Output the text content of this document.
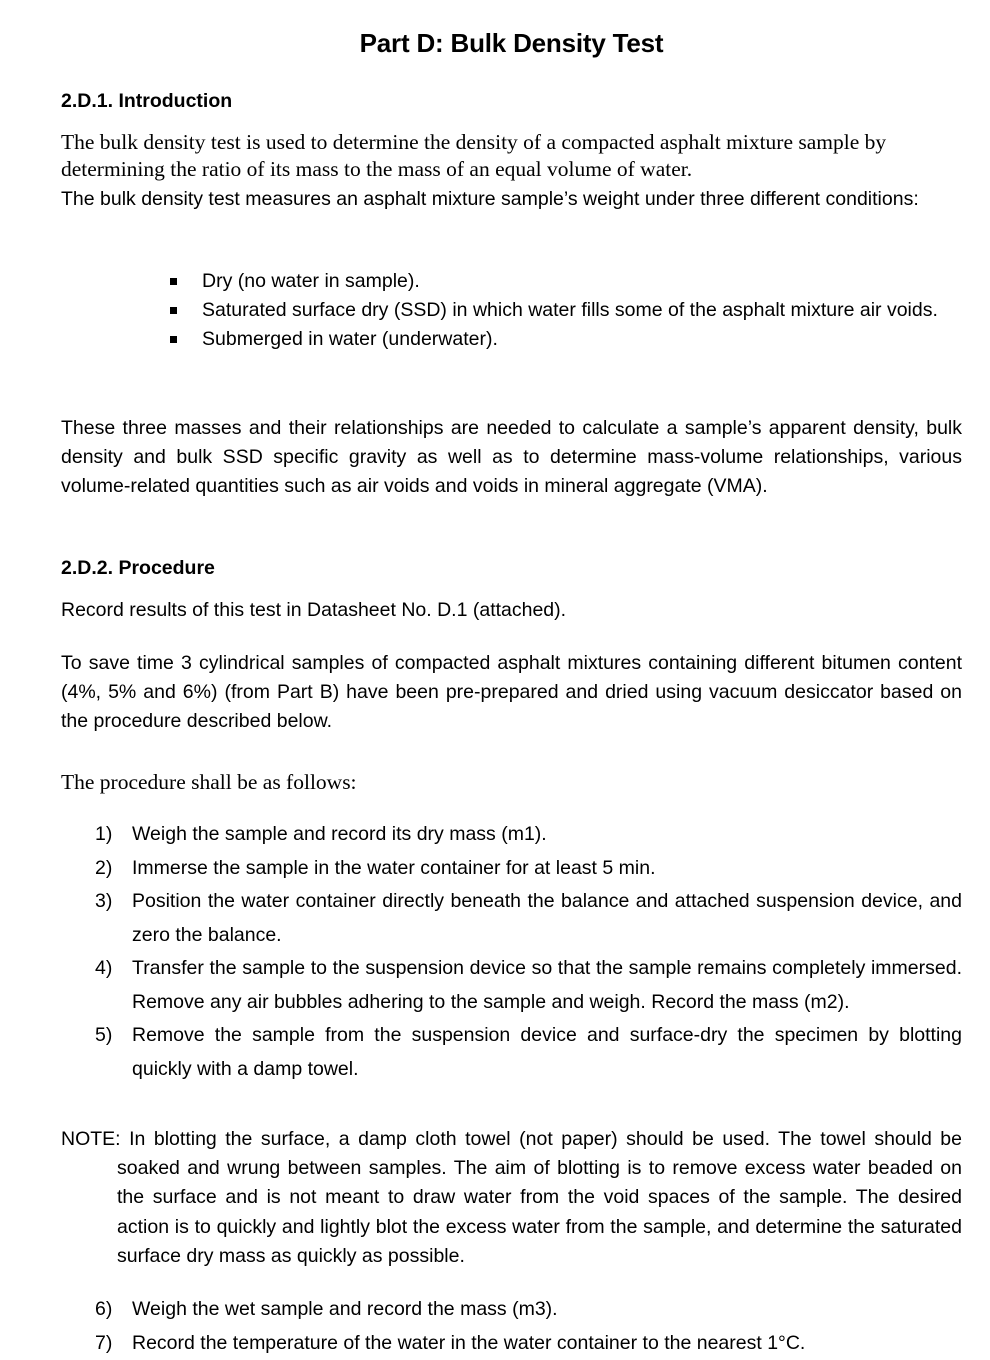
Part D: Bulk Density Test
2.D.1. Introduction
The bulk density test is used to determine the density of a compacted asphalt mixture sample by determining the ratio of its mass to the mass of an equal volume of water.
The bulk density test measures an asphalt mixture sample’s weight under three different conditions:
Dry (no water in sample).
Saturated surface dry (SSD) in which water fills some of the asphalt mixture air voids.
Submerged in water (underwater).
These three masses and their relationships are needed to calculate a sample’s apparent density, bulk density and bulk SSD specific gravity as well as to determine mass-volume relationships, various volume-related quantities such as air voids and voids in mineral aggregate (VMA).
2.D.2. Procedure
Record results of this test in Datasheet No. D.1 (attached).
To save time 3 cylindrical samples of compacted asphalt mixtures containing different bitumen content (4%, 5% and 6%) (from Part B) have been pre-prepared and dried using vacuum desiccator based on the procedure described below.
The procedure shall be as follows:
1) Weigh the sample and record its dry mass (m1).
2) Immerse the sample in the water container for at least 5 min.
3) Position the water container directly beneath the balance and attached suspension device, and zero the balance.
4) Transfer the sample to the suspension device so that the sample remains completely immersed. Remove any air bubbles adhering to the sample and weigh. Record the mass (m2).
5) Remove the sample from the suspension device and surface-dry the specimen by blotting quickly with a damp towel.
NOTE: In blotting the surface, a damp cloth towel (not paper) should be used. The towel should be soaked and wrung between samples. The aim of blotting is to remove excess water beaded on the surface and is not meant to draw water from the void spaces of the sample. The desired action is to quickly and lightly blot the excess water from the sample, and determine the saturated surface dry mass as quickly as possible.
6) Weigh the wet sample and record the mass (m3).
7) Record the temperature of the water in the water container to the nearest 1°C.
